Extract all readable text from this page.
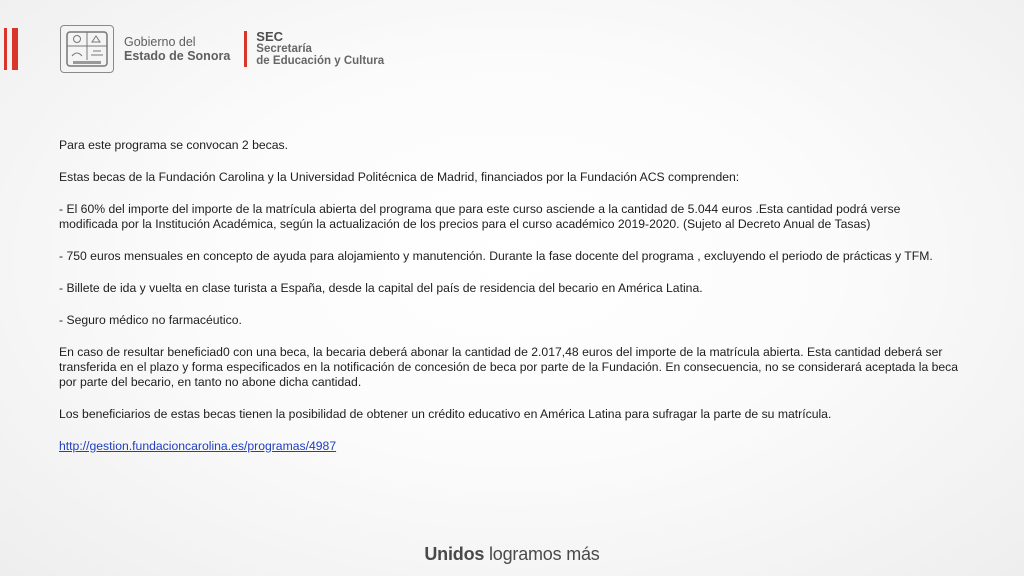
Gobierno del
Estado de Sonora
SEC
Secretaría
de Educación y Cultura

Para este programa se convocan 2 becas.

Estas becas de la Fundación Carolina y la Universidad Politécnica de Madrid, financiados por la Fundación ACS comprenden:

- El 60% del importe del importe de la matrícula abierta del programa que para este curso asciende a la cantidad de 5.044 euros .Esta cantidad podrá verse modificada por la Institución Académica, según la actualización de los precios para el curso académico 2019-2020. (Sujeto al Decreto Anual de Tasas)

- 750 euros mensuales en concepto de ayuda para alojamiento y manutención. Durante la fase docente del programa , excluyendo el periodo de prácticas y TFM.

- Billete de ida y vuelta en clase turista a España, desde la capital del país de residencia del becario en América Latina.

- Seguro médico no farmacéutico.

En caso de resultar beneficiad0 con una beca, la becaria deberá abonar la cantidad de 2.017,48 euros del importe de la matrícula abierta. Esta cantidad deberá ser transferida en el plazo y forma especificados en la notificación de concesión de beca por parte de la Fundación. En consecuencia, no se considerará aceptada la beca por parte del becario, en tanto no abone dicha cantidad.

Los beneficiarios de estas becas tienen la posibilidad de obtener un crédito educativo en América Latina para sufragar la parte de su matrícula.

http://gestion.fundacioncarolina.es/programas/4987

Unidos logramos más
